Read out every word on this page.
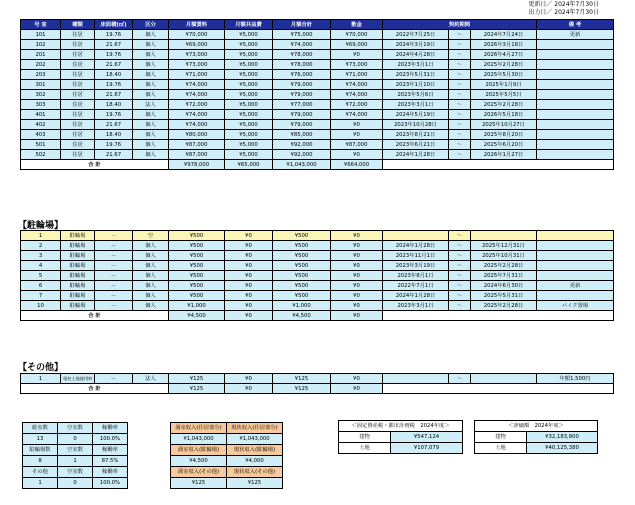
更新日／ 2024年7月30日
出力日／ 2024年7月30日
号 室	種類	床面積(㎡)	区分	月額賃料	月額共益費	月額合計	敷金	契約期間			備 考
101	住居	19.76	個人	¥70,000	¥5,000	¥75,000	¥70,000	2022年7月25日	～	2024年7月24日	更新
102	住居	21.67	個人	¥69,000	¥5,000	¥74,000	¥69,000	2024年3月19日	～	2026年3月18日	
201	住居	19.76	個人	¥73,000	¥5,000	¥78,000	¥0	2024年4月28日	～	2026年4月27日	
202	住居	21.67	個人	¥73,000	¥5,000	¥78,000	¥73,000	2023年3月1日	～	2025年2月28日	
203	住居	18.40	個人	¥71,000	¥5,000	¥76,000	¥71,000	2023年5月31日	～	2025年5月30日	
301	住居	19.76	個人	¥74,000	¥5,000	¥79,000	¥74,000	2023年1月10日	～	2025年1月9日	
302	住居	21.67	個人	¥74,000	¥5,000	¥79,000	¥74,000	2023年5月6日	～	2025年5月5日	
303	住居	18.40	法人	¥72,000	¥5,000	¥77,000	¥72,000	2023年3月1日	～	2025年2月28日	
401	住居	19.76	個人	¥74,000	¥5,000	¥79,000	¥74,000	2024年5月19日	～	2026年5月18日	
402	住居	21.67	個人	¥74,000	¥5,000	¥79,000	¥0	2023年10月28日	～	2025年10月27日	
403	住居	18.40	個人	¥80,000	¥5,000	¥85,000	¥0	2023年8月21日	～	2025年8月20日	
501	住居	19.76	個人	¥87,000	¥5,000	¥92,000	¥87,000	2023年6月21日	～	2025年6月20日	
502	住居	21.67	個人	¥87,000	¥5,000	¥92,000	¥0	2024年1月28日	～	2026年1月27日	
合 計				¥978,000	¥65,000	¥1,043,000	¥664,000				
【駐輪場】
1	駐輪場	－	空	¥500	¥0	¥500	¥0		～		
2	駐輪場	－	個人	¥500	¥0	¥500	¥0	2024年1月28日	～	2025年12月31日	
3	駐輪場	－	個人	¥500	¥0	¥500	¥0	2023年11月1日	～	2025年10月31日	
4	駐輪場	－	個人	¥500	¥0	¥500	¥0	2023年3月19日	～	2025年2月28日	
5	駐輪場	－	個人	¥500	¥0	¥500	¥0	2023年8月1日	～	2025年7月31日	
6	駐輪場	－	個人	¥500	¥0	¥500	¥0	2022年7月1日	～	2024年6月30日	更新
7	駐輪場	－	個人	¥500	¥0	¥500	¥0	2024年1月28日	～	2025年5月31日	
10	駐輪場	－	個人	¥1,000	¥0	¥1,000	¥0	2023年3月1日	～	2025年2月28日	バイク置場
合 計				¥4,500	¥0	¥4,500	¥0				
【その他】
1	電柱土地使用料	－	法人	¥125	¥0	¥125	¥0		～		年額1,500円
合 計				¥125	¥0	¥125	¥0				
総室数	空室数	稼働率
13	0	100.0%
駐輪場数	空室数	稼働率
8	1	87.5%
その他	空室数	稼働率
1	0	100.0%
満室収入(住居部分)	現状収入(住居部分)
¥1,043,000	¥1,043,000
満室収入(駐輪場)	現状収入(駐輪場)
¥4,500	¥4,000
満室収入(その他)	現状収入(その他)
¥125	¥125
＜固定資産税・都市計画税　2024年度＞	
建物	¥547,124
土地	¥107,079
＜評価額　2024年度＞	
建物	¥32,183,800
土地	¥40,125,380
